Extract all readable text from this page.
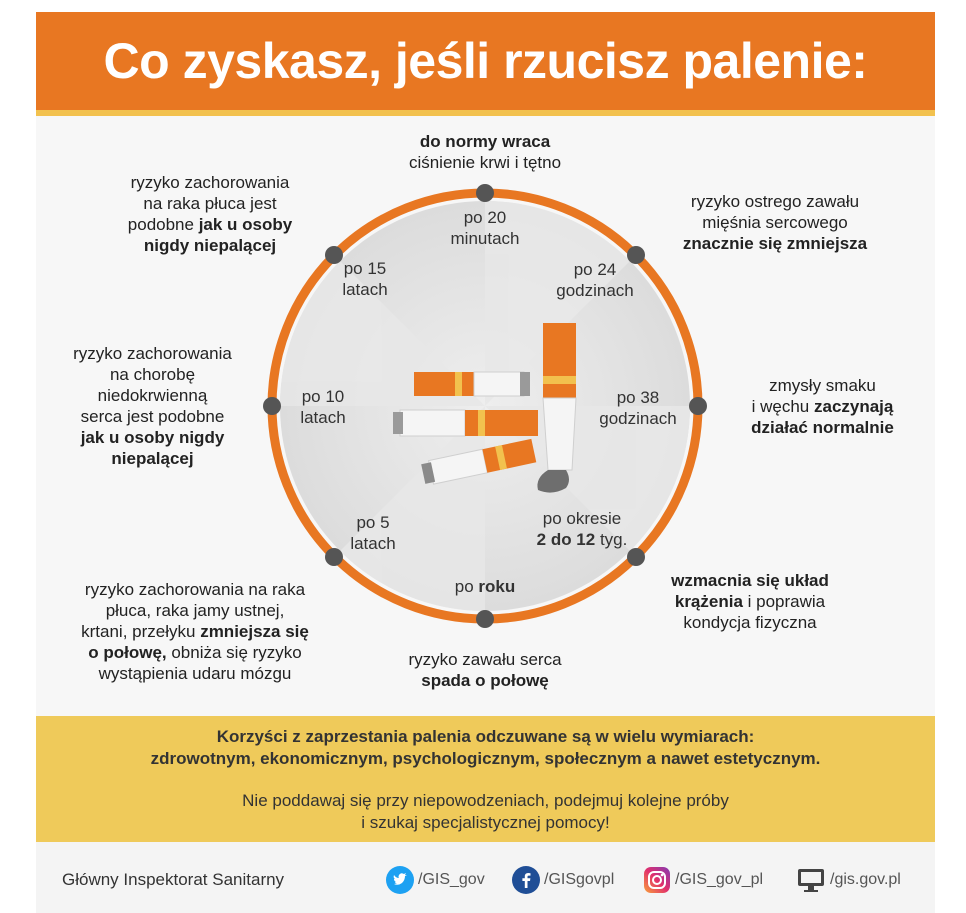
Co zyskasz, jeśli rzucisz palenie:
po 20
minutach
po 24
godzinach
po 38
godzinach
po okresie
2 do 12 tyg.
po roku
po 5
latach
po 10
latach
po 15
latach
do normy wraca
ciśnienie krwi i tętno
ryzyko ostrego zawału
mięśnia sercowego
znacznie się zmniejsza
zmysły smaku
i węchu zaczynają
działać normalnie
wzmacnia się układ
krążenia i poprawia
kondycja fizyczna
ryzyko zawału serca
spada o połowę
ryzyko zachorowania na raka
płuca, raka jamy ustnej,
krtani, przełyku zmniejsza się
o połowę, obniża się ryzyko
wystąpienia udaru mózgu
ryzyko zachorowania
na chorobę
niedokrwienną
serca jest podobne
jak u osoby nigdy
niepalącej
ryzyko zachorowania
na raka płuca jest
podobne jak u osoby
nigdy niepalącej
Korzyści z zaprzestania palenia odczuwane są w wielu wymiarach:
zdrowotnym, ekonomicznym, psychologicznym, społecznym a nawet estetycznym.
Nie poddawaj się przy niepowodzeniach, podejmuj kolejne próby
i szukaj specjalistycznej pomocy!
Główny Inspektorat Sanitarny	/GIS_gov	/GISgovpl	/GIS_gov_pl	/gis.gov.pl
